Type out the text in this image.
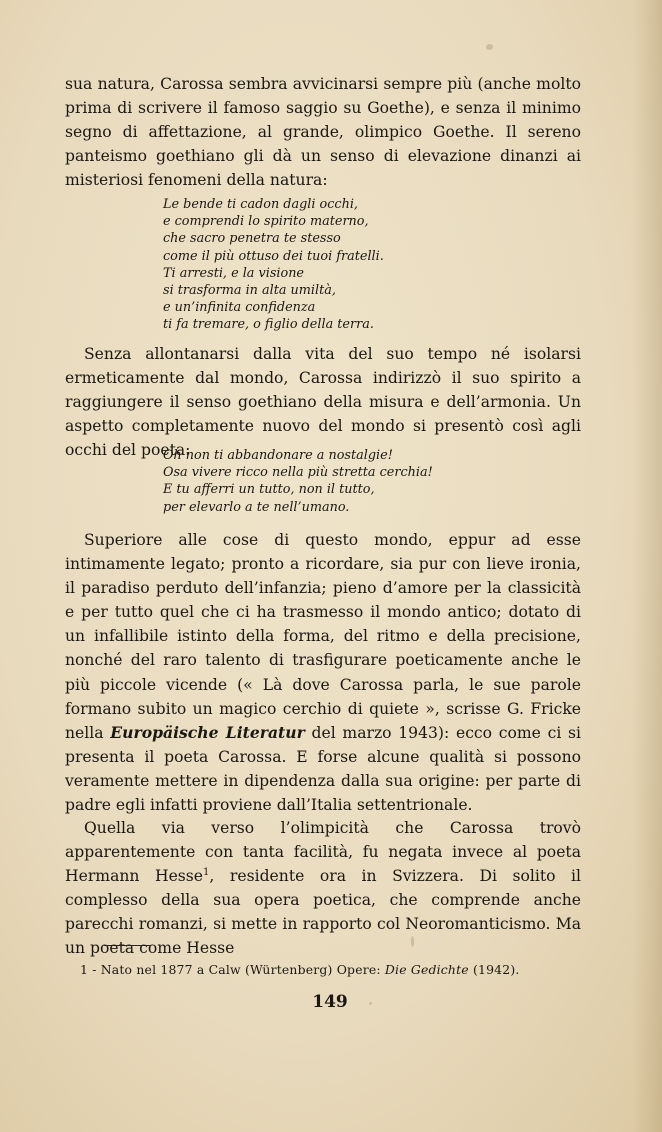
sua natura, Carossa sembra avvicinarsi sempre più (anche molto prima di scrivere il famoso saggio su Goethe), e senza il minimo segno di affettazione, al grande, olimpico Goethe. Il sereno panteismo goethiano gli dà un senso di elevazione dinanzi ai misteriosi fenomeni della natura:

Le bende ti cadon dagli occhi,
e comprendi lo spirito materno,
che sacro penetra te stesso
come il più ottuso dei tuoi fratelli.
Ti arresti, e la visione
si trasforma in alta umiltà,
e un’infinita confidenza
ti fa tremare, o figlio della terra.

Senza allontanarsi dalla vita del suo tempo né isolarsi ermeticamente dal mondo, Carossa indirizzò il suo spirito a raggiungere il senso goethiano della misura e dell’armonia. Un aspetto completamente nuovo del mondo si presentò così agli occhi del poeta:

Oh non ti abbandonare a nostalgie!
Osa vivere ricco nella più stretta cerchia!
E tu afferri un tutto, non il tutto,
per elevarlo a te nell’umano.

Superiore alle cose di questo mondo, eppur ad esse intimamente legato; pronto a ricordare, sia pur con lieve ironia, il paradiso perduto dell’infanzia; pieno d’amore per la classicità e per tutto quel che ci ha trasmesso il mondo antico; dotato di un infallibile istinto della forma, del ritmo e della precisione, nonché del raro talento di trasfigurare poeticamente anche le più piccole vicende (« Là dove Carossa parla, le sue parole formano subito un magico cerchio di quiete », scrisse G. Fricke nella Europäische Literatur del marzo 1943): ecco come ci si presenta il poeta Carossa. E forse alcune qualità si possono veramente mettere in dipendenza dalla sua origine: per parte di padre egli infatti proviene dall’Italia settentrionale.

Quella via verso l’olimpicità che Carossa trovò apparentemente con tanta facilità, fu negata invece al poeta Hermann Hesse$^1$, residente ora in Svizzera. Di solito il complesso della sua opera poetica, che comprende anche parecchi romanzi, si mette in rapporto col Neoromanticismo. Ma un poeta come Hesse

1 - Nato nel 1877 a Calw (Würtenberg) Opere: Die Gedichte (1942).
149
